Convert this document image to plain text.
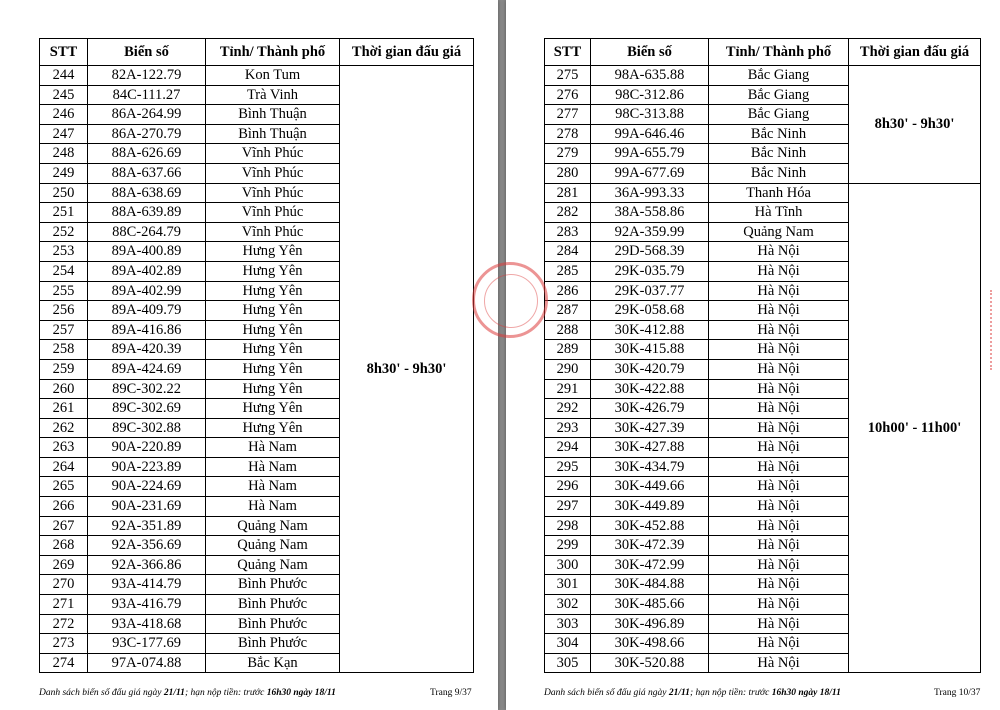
STT	Biển số	Tỉnh/ Thành phố	Thời gian đấu giá
244	82A-122.79	Kon Tum	8h30' - 9h30'
245	84C-111.27	Trà Vinh	
246	86A-264.99	Bình Thuận	
247	86A-270.79	Bình Thuận	
248	88A-626.69	Vĩnh Phúc	
249	88A-637.66	Vĩnh Phúc	
250	88A-638.69	Vĩnh Phúc	
251	88A-639.89	Vĩnh Phúc	
252	88C-264.79	Vĩnh Phúc	
253	89A-400.89	Hưng Yên	
254	89A-402.89	Hưng Yên	
255	89A-402.99	Hưng Yên	
256	89A-409.79	Hưng Yên	
257	89A-416.86	Hưng Yên	
258	89A-420.39	Hưng Yên	
259	89A-424.69	Hưng Yên	
260	89C-302.22	Hưng Yên	
261	89C-302.69	Hưng Yên	
262	89C-302.88	Hưng Yên	
263	90A-220.89	Hà Nam	
264	90A-223.89	Hà Nam	
265	90A-224.69	Hà Nam	
266	90A-231.69	Hà Nam	
267	92A-351.89	Quảng Nam	
268	92A-356.69	Quảng Nam	
269	92A-366.86	Quảng Nam	
270	93A-414.79	Bình Phước	
271	93A-416.79	Bình Phước	
272	93A-418.68	Bình Phước	
273	93C-177.69	Bình Phước	
274	97A-074.88	Bắc Kạn	
Danh sách biển số đấu giá ngày 21/11; hạn nộp tiền: trước 16h30 ngày 18/11	Trang 9/37
STT	Biển số	Tỉnh/ Thành phố	Thời gian đấu giá
275	98A-635.88	Bắc Giang	8h30' - 9h30'
276	98C-312.86	Bắc Giang	
277	98C-313.88	Bắc Giang	
278	99A-646.46	Bắc Ninh	
279	99A-655.79	Bắc Ninh	
280	99A-677.69	Bắc Ninh	
281	36A-993.33	Thanh Hóa	10h00' - 11h00'
282	38A-558.86	Hà Tĩnh	
283	92A-359.99	Quảng Nam	
284	29D-568.39	Hà Nội	
285	29K-035.79	Hà Nội	
286	29K-037.77	Hà Nội	
287	29K-058.68	Hà Nội	
288	30K-412.88	Hà Nội	
289	30K-415.88	Hà Nội	
290	30K-420.79	Hà Nội	
291	30K-422.88	Hà Nội	
292	30K-426.79	Hà Nội	
293	30K-427.39	Hà Nội	
294	30K-427.88	Hà Nội	
295	30K-434.79	Hà Nội	
296	30K-449.66	Hà Nội	
297	30K-449.89	Hà Nội	
298	30K-452.88	Hà Nội	
299	30K-472.39	Hà Nội	
300	30K-472.99	Hà Nội	
301	30K-484.88	Hà Nội	
302	30K-485.66	Hà Nội	
303	30K-496.89	Hà Nội	
304	30K-498.66	Hà Nội	
305	30K-520.88	Hà Nội	
Danh sách biển số đấu giá ngày 21/11; hạn nộp tiền: trước 16h30 ngày 18/11	Trang 10/37
